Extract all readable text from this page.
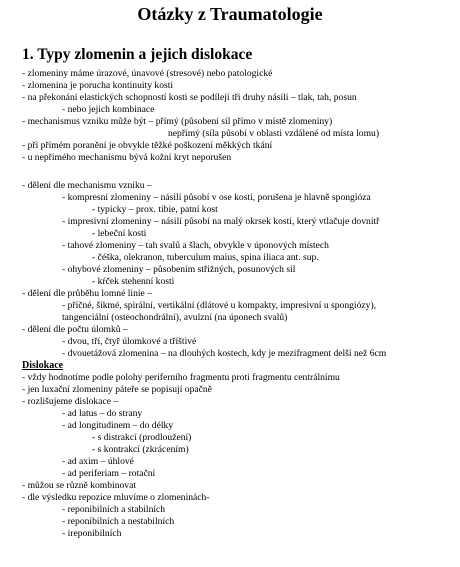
Otázky z Traumatologie
1. Typy zlomenin a jejich dislokace
- zlomeniny máme úrazové, únavové (stresové) nebo patologické
- zlomenina je porucha kontinuity kosti
- na překonání elastických schopností kosti se podílejí tři druhy násilí – tlak, tah, posun
- nebo jejich kombinace
- mechanismus vzniku může být – přímý (působení síl přímo v místě zlomeniny)
nepřímý (síla působí v oblasti vzdálené od místa lomu)
- při přímém poranění je obvykle těžké poškození měkkých tkání
- u nepřímého mechanismu bývá kožní kryt neporušen
- dělení dle mechanismu vzniku –
- kompresní zlomeniny – násilí působí v ose kosti, porušena je hlavně spongióza
- typicky – prox. tibie, patní kost
- impresivní zlomeniny – násilí působí na malý okrsek kosti, který vtlačuje dovnitř
- lebeční kosti
- tahové zlomeniny – tah svalů a šlach, obvykle v úponových místech
- čéška, olekranon, tuberculum maius, spina iliaca ant. sup.
- ohybové zlomeniny – působením střižných, posunových sil
- kŕček stehenní kosti
- dělení dle průběhu lomné linie –
- příčné, šikmé, spirální, vertikální (dlátové u kompakty, impresivní u spongiózy),
tangenciální (osteochondrální), avulzní (na úponech svalů)
- dělení dle počtu úlomků –
- dvou, tří, čtyř úlomkové a tříštivé
- dvouetážová zlomenina – na dlouhých kostech, kdy je mezifragment delší než 6cm
Dislokace
- vždy hodnotíme podle polohy periferního fragmentu proti fragmentu centrálnímu
- jen luxační zlomeniny páteře se popisují opačně
- rozlišujeme dislokace –
- ad latus – do strany
- ad longitudinem – do délky
- s distrakcí (prodloužení)
- s kontrakcí (zkrácením)
- ad axim – úhlové
- ad periferiam – rotační
- můžou se různě kombinovat
- dle výsledku repozice mluvíme o zlomeninách-
- reponibilních a stabilních
- reponibilních a nestabilních
- ireponibilních
